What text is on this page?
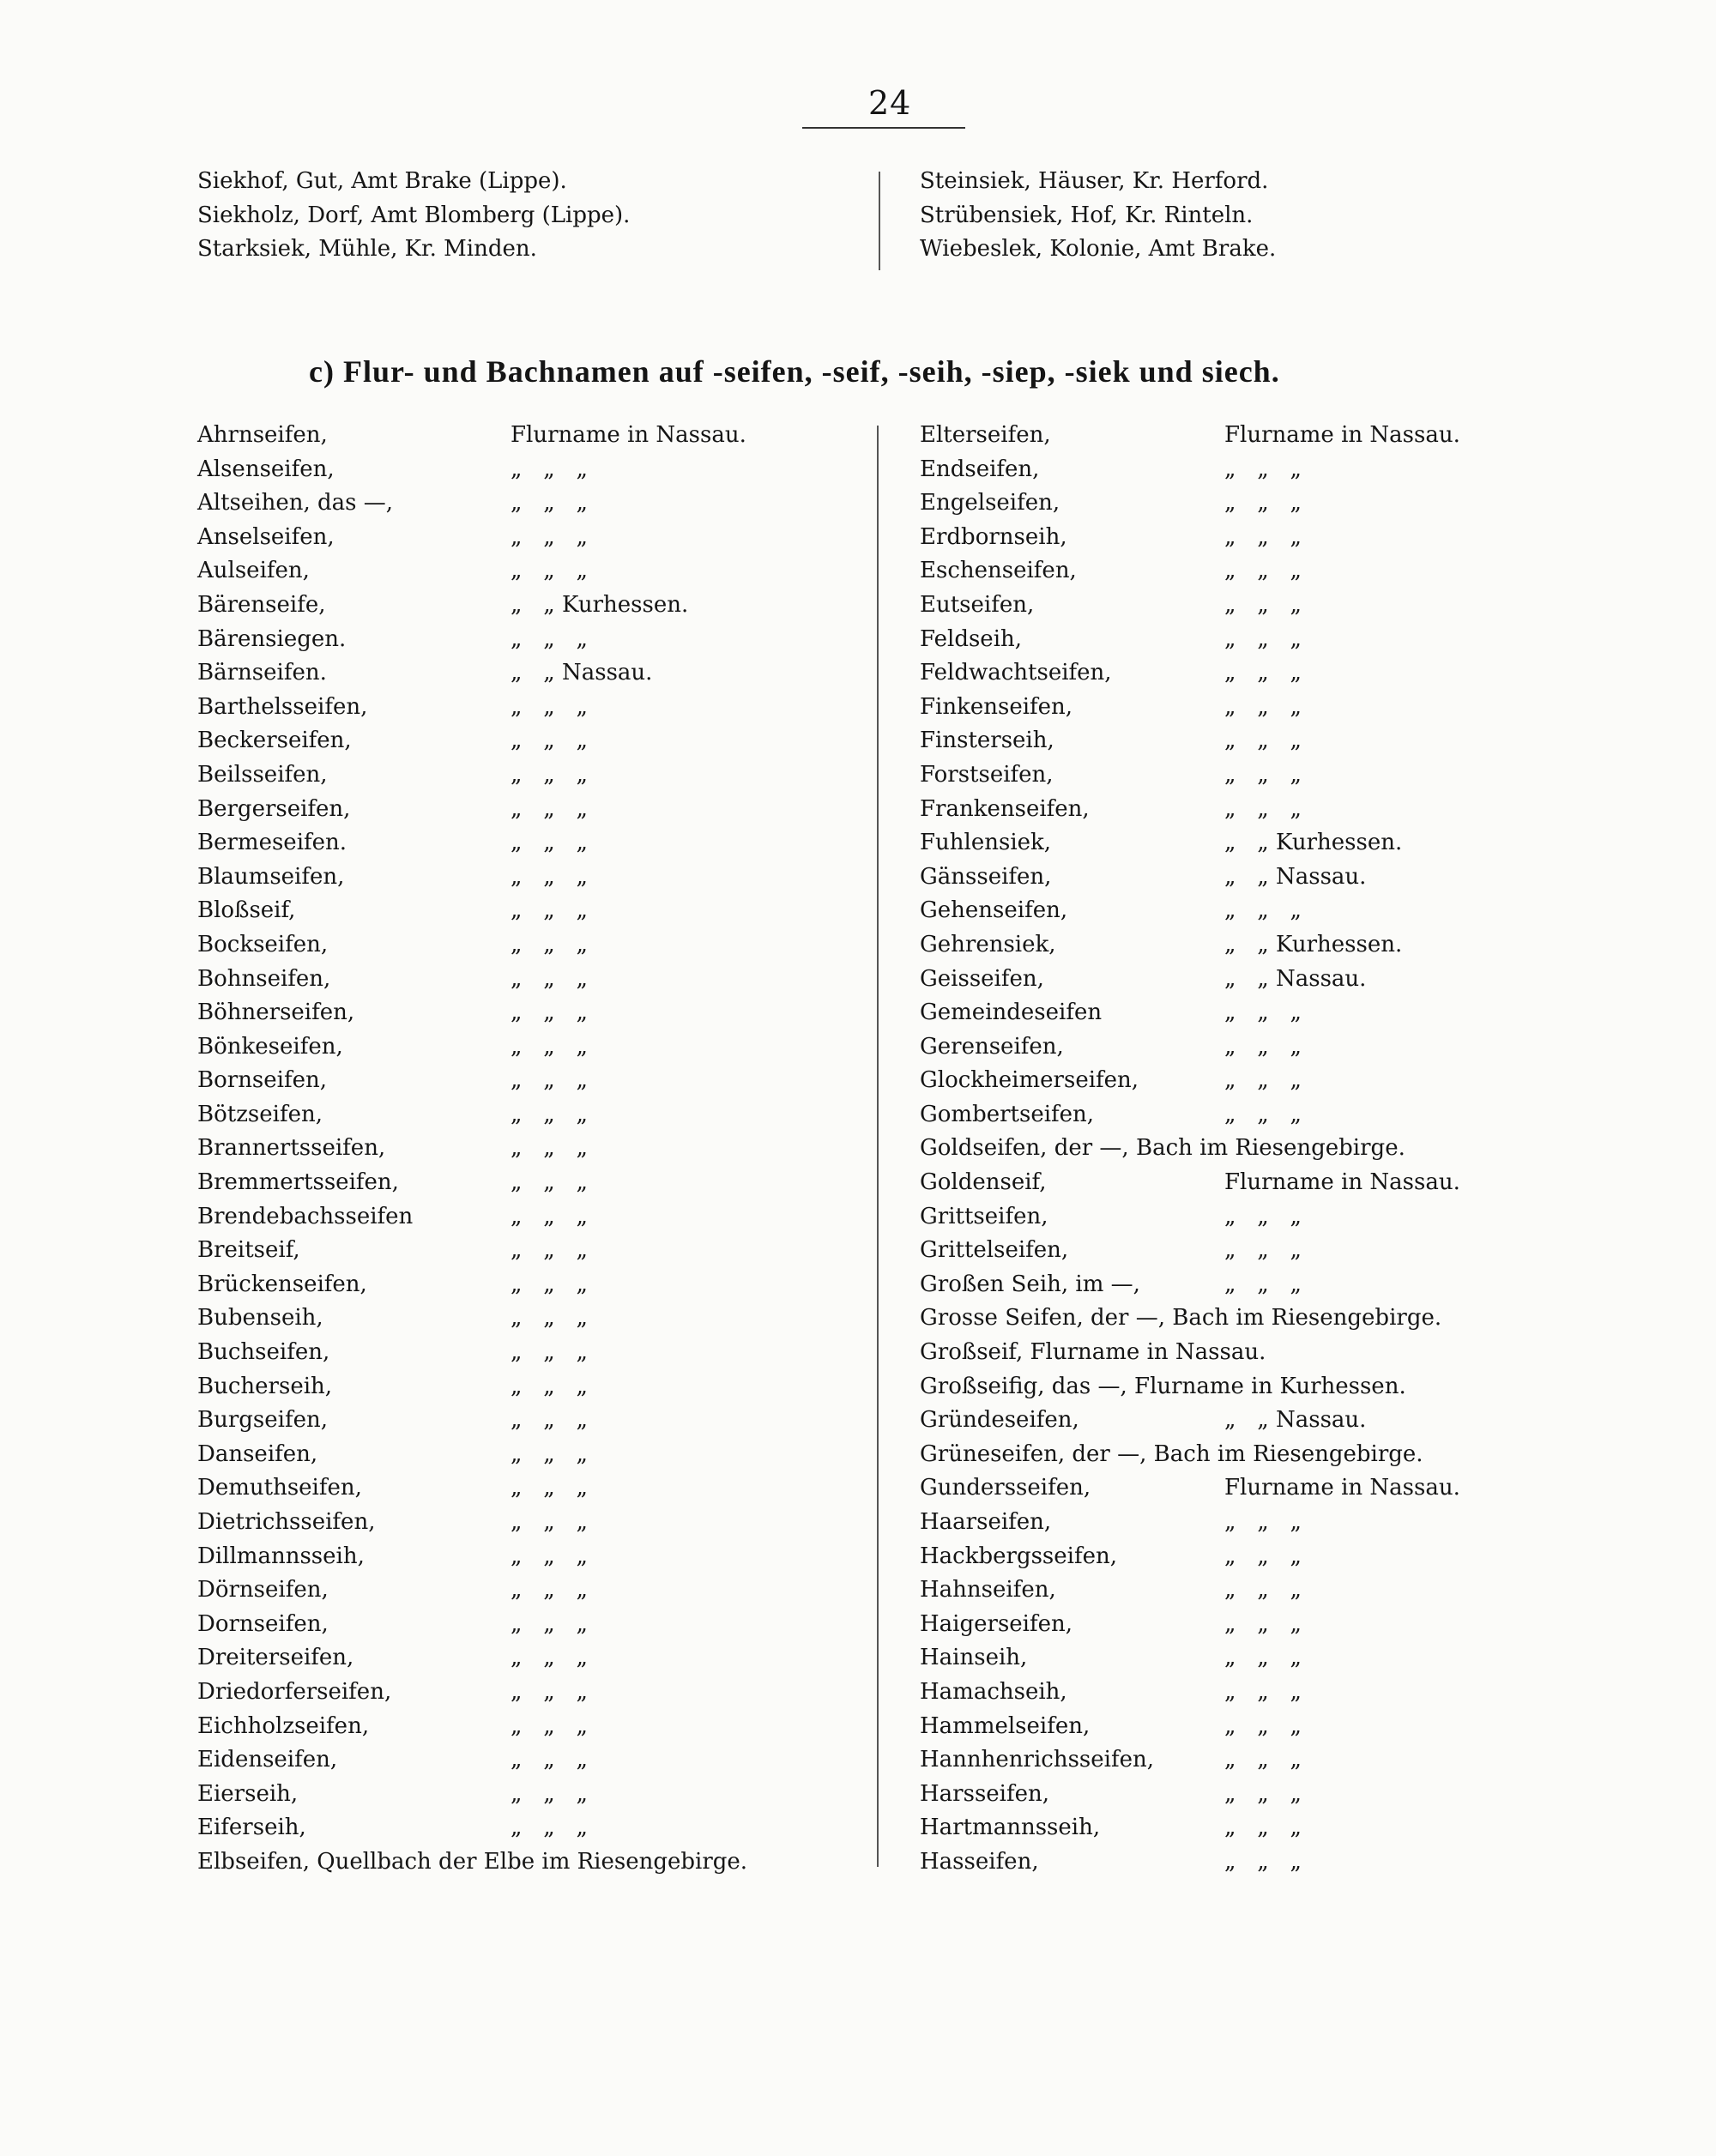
24
Siekhof, Gut, Amt Brake (Lippe).
Siekholz, Dorf, Amt Blomberg (Lippe).
Starksiek, Mühle, Kr. Minden.
Steinsiek, Häuser, Kr. Herford.
Strübensiek, Hof, Kr. Rinteln.
Wiebeslek, Kolonie, Amt Brake.
c) Flur- und Bachnamen auf -seifen, -seif, -seih, -siep, -siek und siech.
Ahrnseifen,	Flurname in Nassau.
Alsenseifen,	„   „   „
Altseihen, das —,	„   „   „
Anselseifen,	„   „   „
Aulseifen,	„   „   „
Bärenseife,	„   „ Kurhessen.
Bärensiegen.	„   „   „
Bärnseifen.	„   „ Nassau.
Barthelsseifen,	„   „   „
Beckerseifen,	„   „   „
Beilsseifen,	„   „   „
Bergerseifen,	„   „   „
Bermeseifen.	„   „   „
Blaumseifen,	„   „   „
Bloßseif,	„   „   „
Bockseifen,	„   „   „
Bohnseifen,	„   „   „
Böhnerseifen,	„   „   „
Bönkeseifen,	„   „   „
Bornseifen,	„   „   „
Bötzseifen,	„   „   „
Brannertsseifen,	„   „   „
Bremmertsseifen,	„   „   „
Brendebachsseifen	„   „   „
Breitseif,	„   „   „
Brückenseifen,	„   „   „
Bubenseih,	„   „   „
Buchseifen,	„   „   „
Bucherseih,	„   „   „
Burgseifen,	„   „   „
Danseifen,	„   „   „
Demuthseifen,	„   „   „
Dietrichsseifen,	„   „   „
Dillmannsseih,	„   „   „
Dörnseifen,	„   „   „
Dornseifen,	„   „   „
Dreiterseifen,	„   „   „
Driedorferseifen,	„   „   „
Eichholzseifen,	„   „   „
Eidenseifen,	„   „   „
Eierseih,	„   „   „
Eiferseih,	„   „   „
Elbseifen, Quellbach der Elbe im Riesengebirge.
Elterseifen,	Flurname in Nassau.
Endseifen,	„   „   „
Engelseifen,	„   „   „
Erdbornseih,	„   „   „
Eschenseifen,	„   „   „
Eutseifen,	„   „   „
Feldseih,	„   „   „
Feldwachtseifen,	„   „   „
Finkenseifen,	„   „   „
Finsterseih,	„   „   „
Forstseifen,	„   „   „
Frankenseifen,	„   „   „
Fuhlensiek,	„   „ Kurhessen.
Gänsseifen,	„   „ Nassau.
Gehenseifen,	„   „   „
Gehrensiek,	„   „ Kurhessen.
Geisseifen,	„   „ Nassau.
Gemeindeseifen	„   „   „
Gerenseifen,	„   „   „
Glockheimerseifen,	„   „   „
Gombertseifen,	„   „   „
Goldseifen, der —, Bach im Riesengebirge.
Goldenseif,	Flurname in Nassau.
Grittseifen,	„   „   „
Grittelseifen,	„   „   „
Großen Seih, im —,	„   „   „
Grosse Seifen, der —, Bach im Riesengebirge.
Großseif, Flurname in Nassau.
Großseifig, das —, Flurname in Kurhessen.
Gründeseifen,	„   „ Nassau.
Grüneseifen, der —, Bach im Riesengebirge.
Gundersseifen,	Flurname in Nassau.
Haarseifen,	„   „   „
Hackbergsseifen,	„   „   „
Hahnseifen,	„   „   „
Haigerseifen,	„   „   „
Hainseih,	„   „   „
Hamachseih,	„   „   „
Hammelseifen,	„   „   „
Hannhenrichsseifen,	„   „   „
Harsseifen,	„   „   „
Hartmannsseih,	„   „   „
Hasseifen,	„   „   „
